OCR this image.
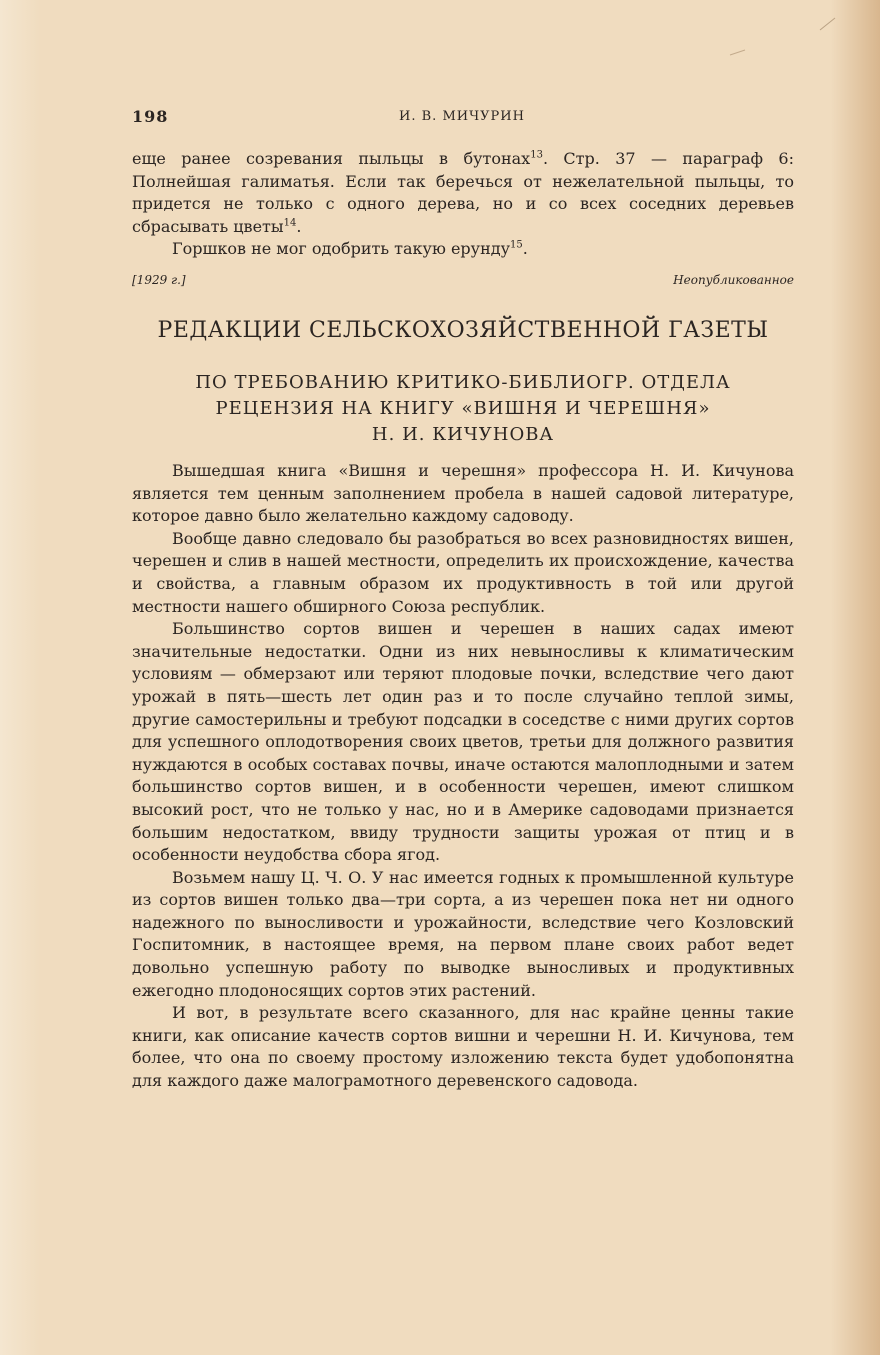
198	И. В. МИЧУРИН

еще ранее созревания пыльцы в бутонах$^{13}$. Стр. 37 — параграф 6: Полнейшая галиматья. Если так беречься от нежелательной пыльцы, то придется не только с одного дерева, но и со всех соседних деревьев сбрасывать цветы$^{14}$.

Горшков не мог одобрить такую ерунду$^{15}$.

[1929 г.]	Неопубликованное
РЕДАКЦИИ СЕЛЬСКОХОЗЯЙСТВЕННОЙ ГАЗЕТЫ
ПО ТРЕБОВАНИЮ КРИТИКО-БИБЛИОГР. ОТДЕЛА
РЕЦЕНЗИЯ НА КНИГУ «ВИШНЯ И ЧЕРЕШНЯ»
Н. И. КИЧУНОВА

Вышедшая книга «Вишня и черешня» профессора Н. И. Кичунова является тем ценным заполнением пробела в нашей садовой литературе, которое давно было желательно каждому садоводу.

Вообще давно следовало бы разобраться во всех разновидностях вишен, черешен и слив в нашей местности, определить их происхождение, качества и свойства, а главным образом их продуктивность в той или другой местности нашего обширного Союза республик.

Большинство сортов вишен и черешен в наших садах имеют значительные недостатки. Одни из них невыносливы к климатическим условиям — обмерзают или теряют плодовые почки, вследствие чего дают урожай в пять—шесть лет один раз и то после случайно теплой зимы, другие самостерильны и требуют подсадки в соседстве с ними других сортов для успешного оплодотворения своих цветов, третьи для должного развития нуждаются в особых составах почвы, иначе остаются малоплодными и затем большинство сортов вишен, и в особенности черешен, имеют слишком высокий рост, что не только у нас, но и в Америке садоводами признается большим недостатком, ввиду трудности защиты урожая от птиц и в особенности неудобства сбора ягод.

Возьмем нашу Ц. Ч. О. У нас имеется годных к промышленной культуре из сортов вишен только два—три сорта, а из черешен пока нет ни одного надежного по выносливости и урожайности, вследствие чего Козловский Госпитомник, в настоящее время, на первом плане своих работ ведет довольно успешную работу по выводке выносливых и продуктивных ежегодно плодоносящих сортов этих растений.

И вот, в результате всего сказанного, для нас крайне ценны такие книги, как описание качеств сортов вишни и черешни Н. И. Кичунова, тем более, что она по своему простому изложению текста будет удобопонятна для каждого даже малограмотного деревенского садовода.
